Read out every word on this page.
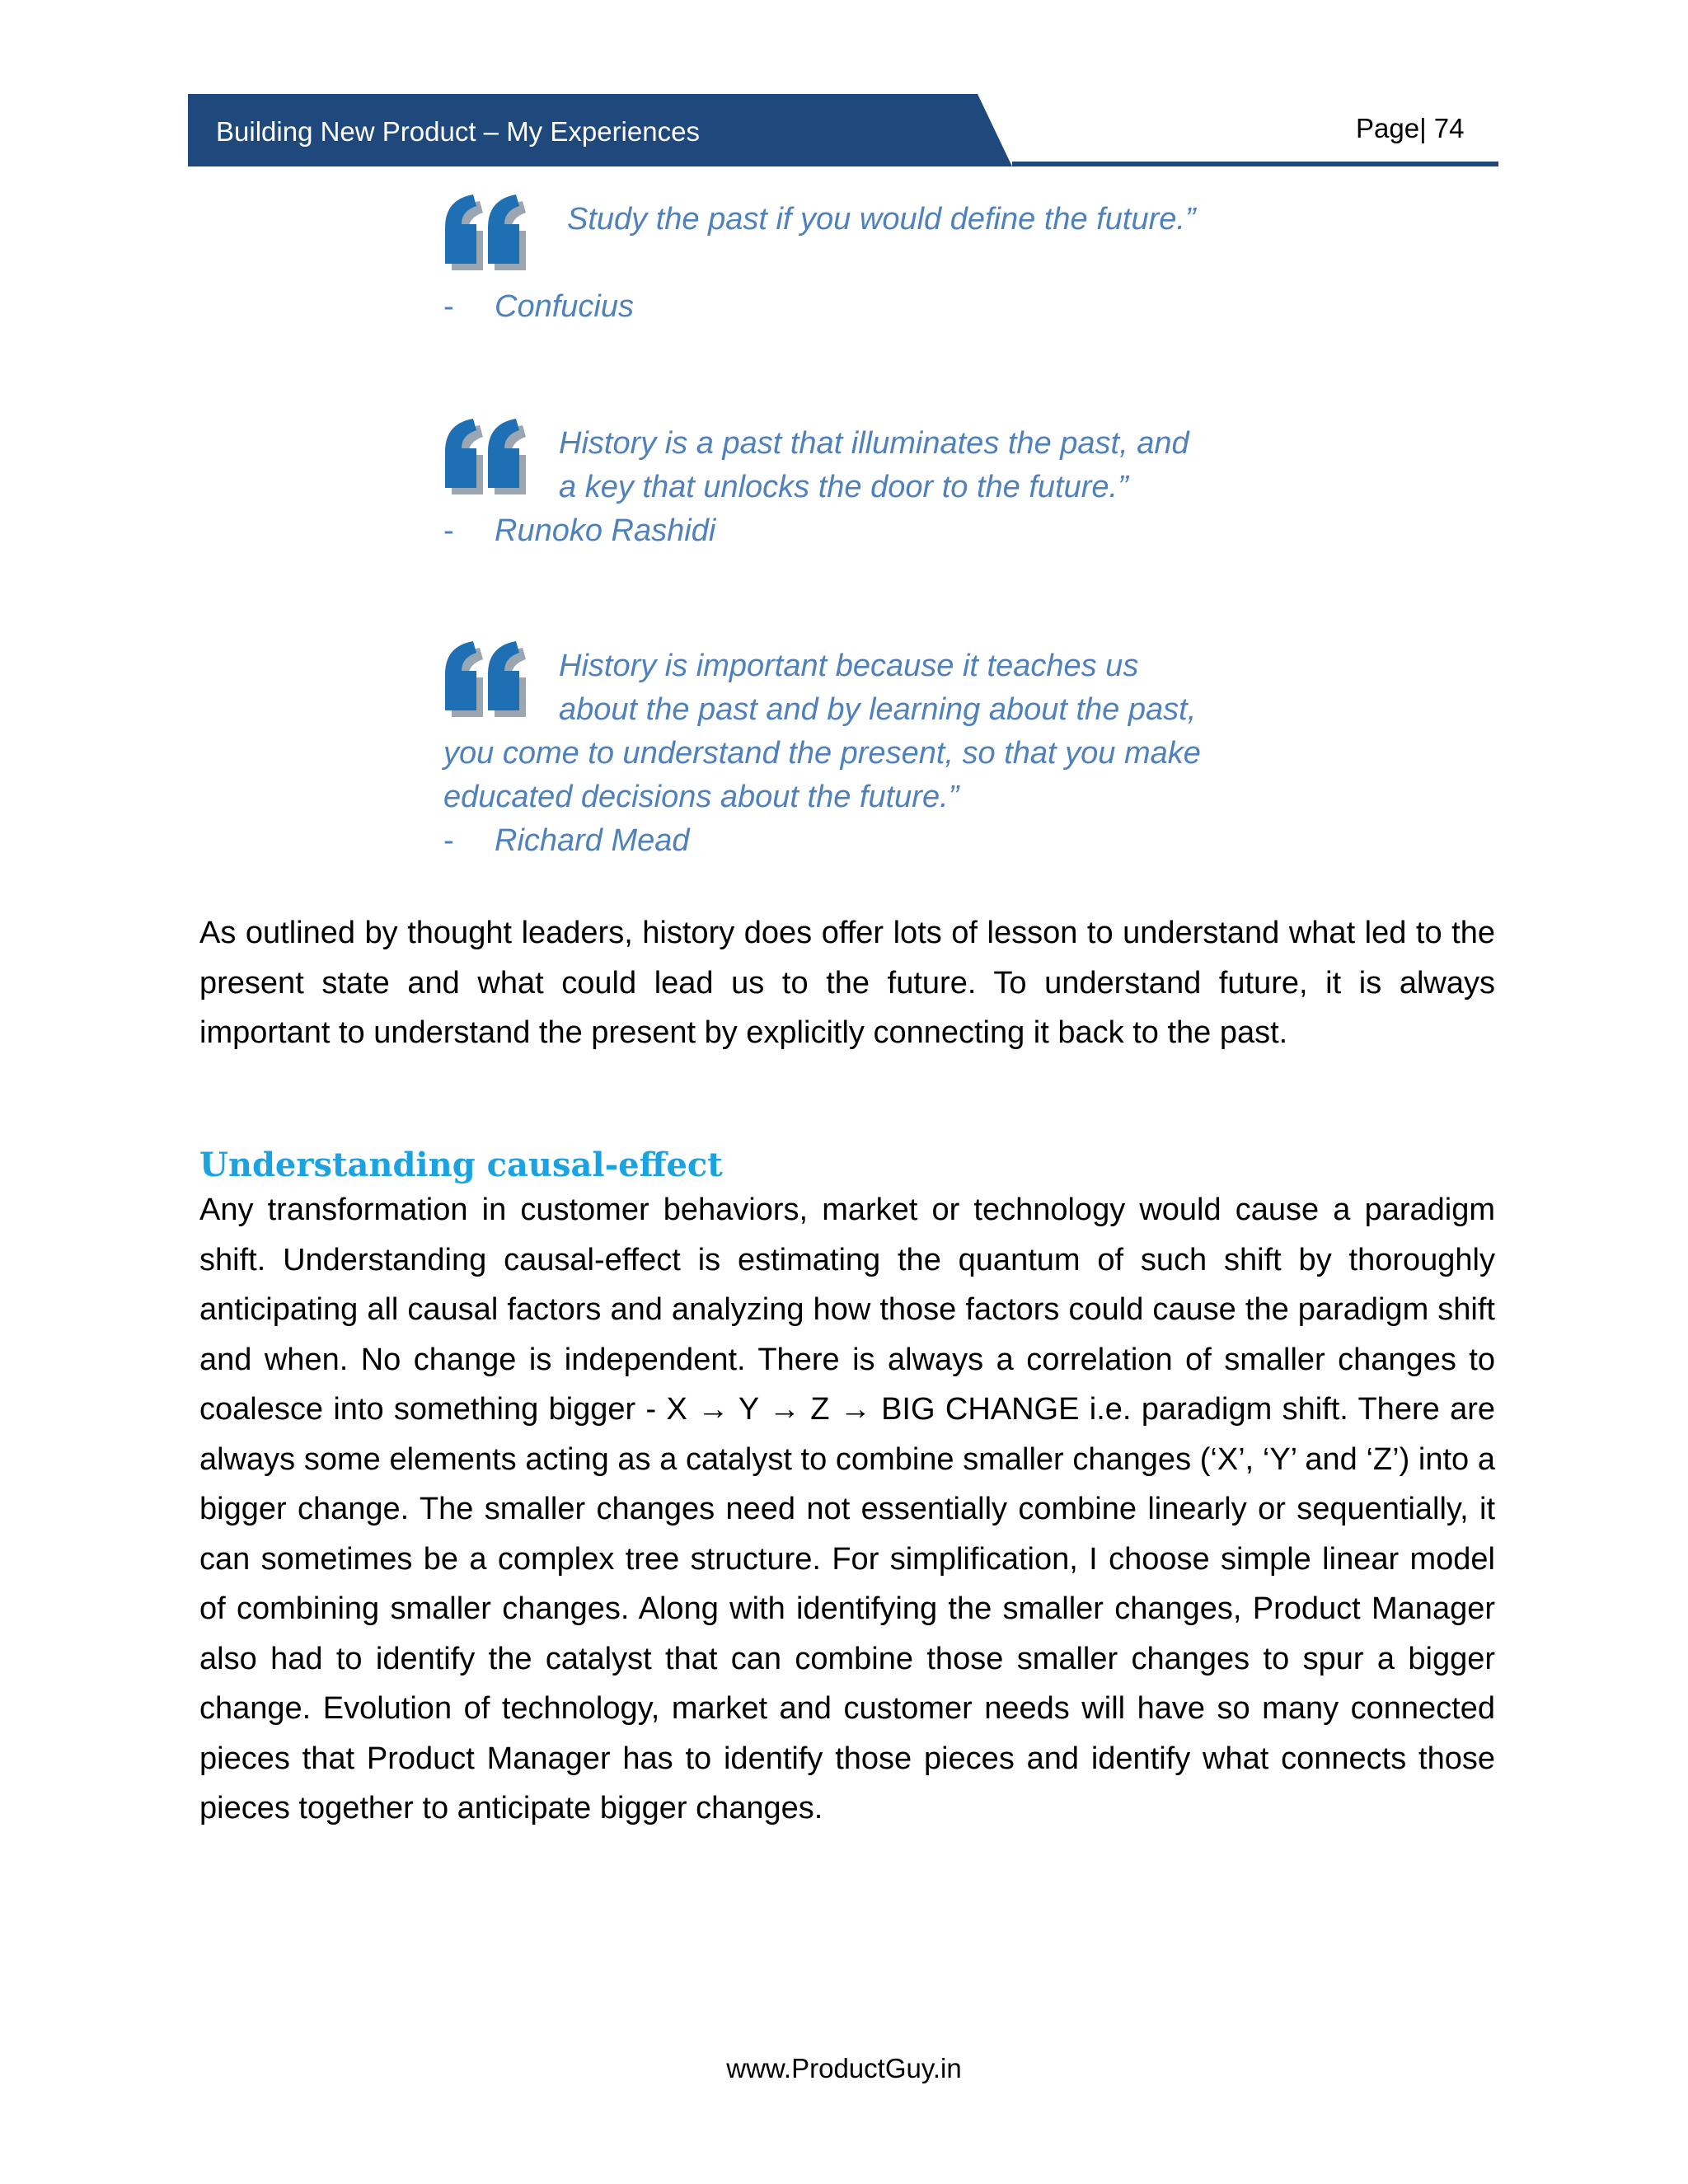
Building New Product – My Experiences	Page| 74
Study the past if you would define the future.”
- Confucius
History is a past that illuminates the past, and
a key that unlocks the door to the future.”
- Runoko Rashidi
History is important because it teaches us
about the past and by learning about the past,
you come to understand the present, so that you make
educated decisions about the future.”
- Richard Mead
As outlined by thought leaders, history does offer lots of lesson to understand what led to the present state and what could lead us to the future. To understand future, it is always important to understand the present by explicitly connecting it back to the past.
Understanding causal-effect
Any transformation in customer behaviors, market or technology would cause a paradigm shift. Understanding causal-effect is estimating the quantum of such shift by thoroughly anticipating all causal factors and analyzing how those factors could cause the paradigm shift and when. No change is independent. There is always a correlation of smaller changes to coalesce into something bigger - X → Y → Z → BIG CHANGE i.e. paradigm shift. There are always some elements acting as a catalyst to combine smaller changes (‘X’, ‘Y’ and ‘Z’) into a bigger change. The smaller changes need not essentially combine linearly or sequentially, it can sometimes be a complex tree structure. For simplification, I choose simple linear model of combining smaller changes. Along with identifying the smaller changes, Product Manager also had to identify the catalyst that can combine those smaller changes to spur a bigger change. Evolution of technology, market and customer needs will have so many connected pieces that Product Manager has to identify those pieces and identify what connects those pieces together to anticipate bigger changes.
www.ProductGuy.in
